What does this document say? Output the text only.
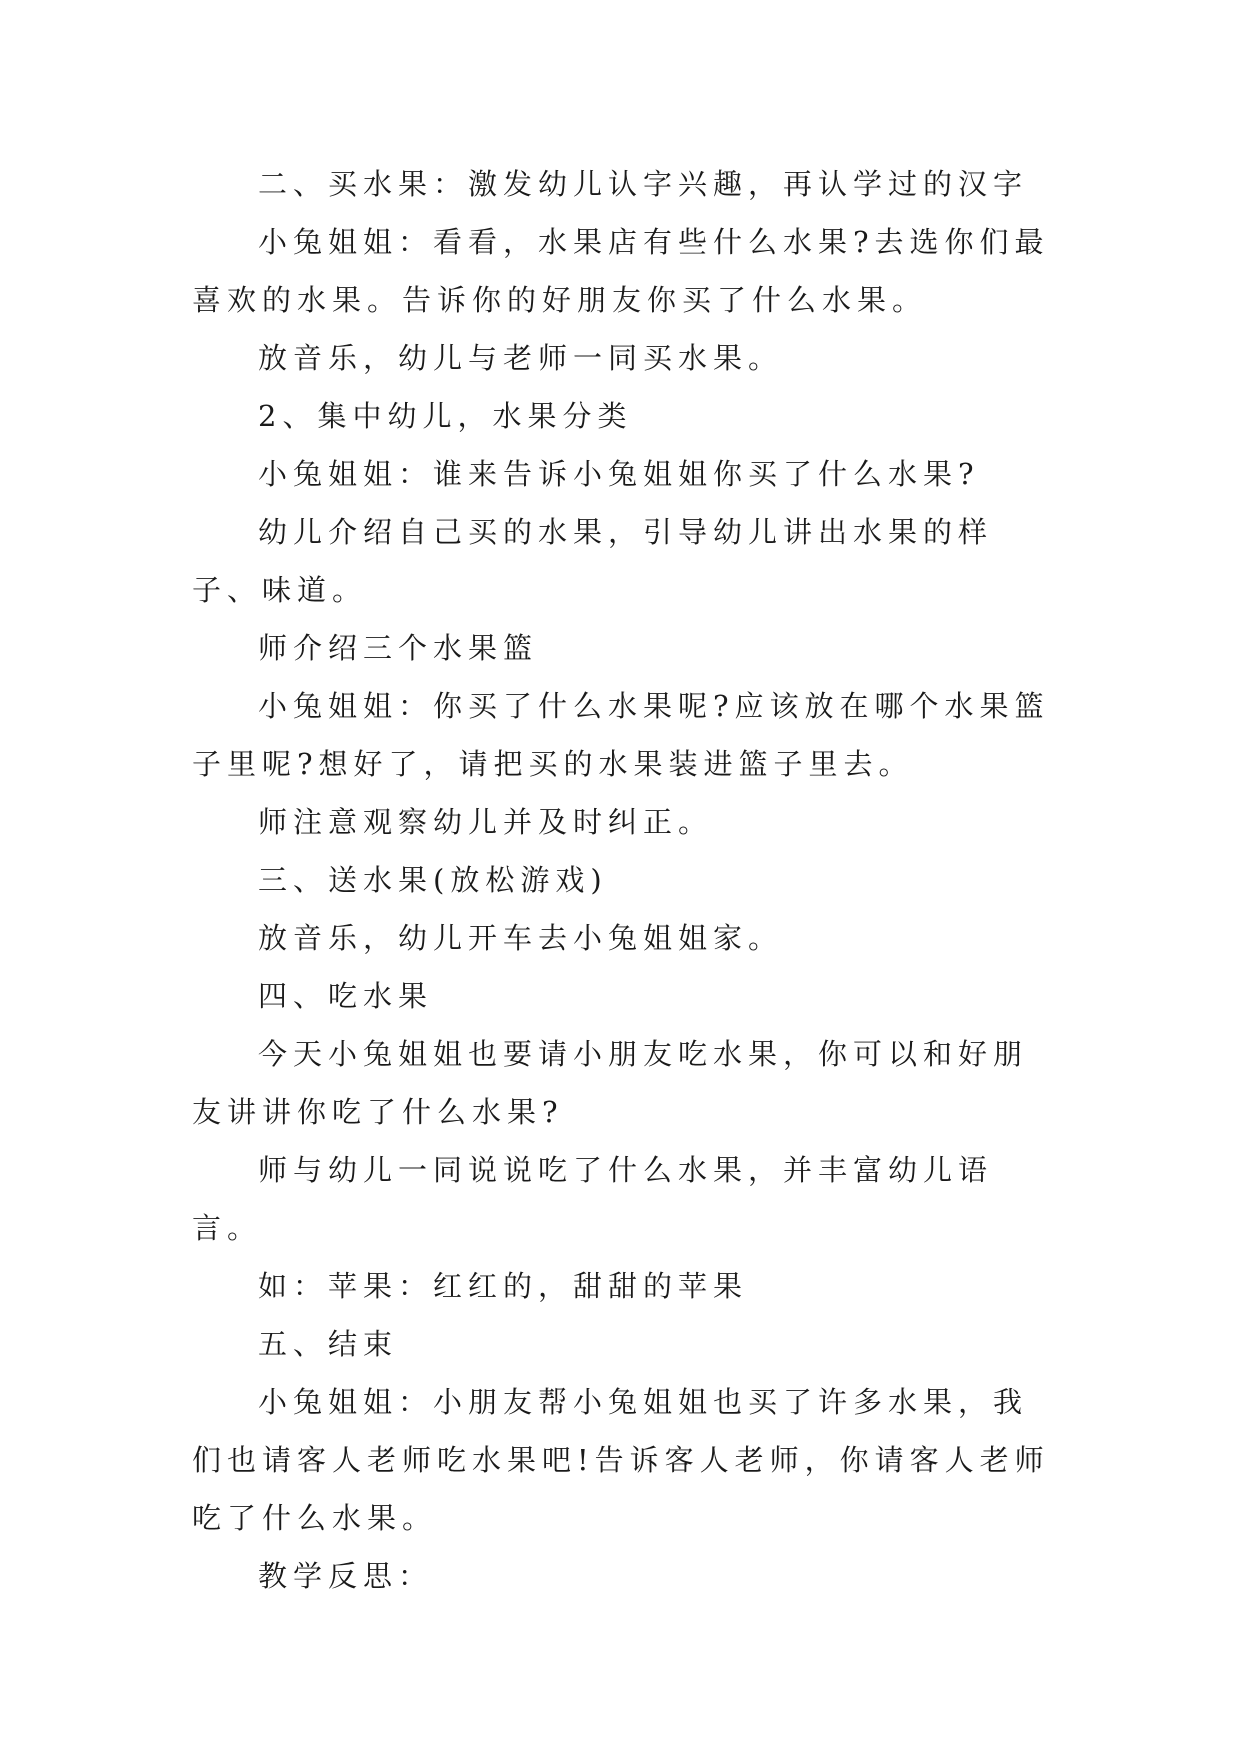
二、买水果：激发幼儿认字兴趣，再认学过的汉字

小兔姐姐：看看，水果店有些什么水果?去选你们最喜欢的水果。告诉你的好朋友你买了什么水果。

放音乐，幼儿与老师一同买水果。

2、集中幼儿，水果分类

小兔姐姐：谁来告诉小兔姐姐你买了什么水果?

幼儿介绍自己买的水果，引导幼儿讲出水果的样子、味道。

师介绍三个水果篮

小兔姐姐：你买了什么水果呢?应该放在哪个水果篮子里呢?想好了，请把买的水果装进篮子里去。

师注意观察幼儿并及时纠正。

三、送水果(放松游戏)

放音乐，幼儿开车去小兔姐姐家。

四、吃水果

今天小兔姐姐也要请小朋友吃水果，你可以和好朋友讲讲你吃了什么水果?

师与幼儿一同说说吃了什么水果，并丰富幼儿语言。

如：苹果：红红的，甜甜的苹果

五、结束

小兔姐姐：小朋友帮小兔姐姐也买了许多水果，我们也请客人老师吃水果吧!告诉客人老师，你请客人老师吃了什么水果。

教学反思：
